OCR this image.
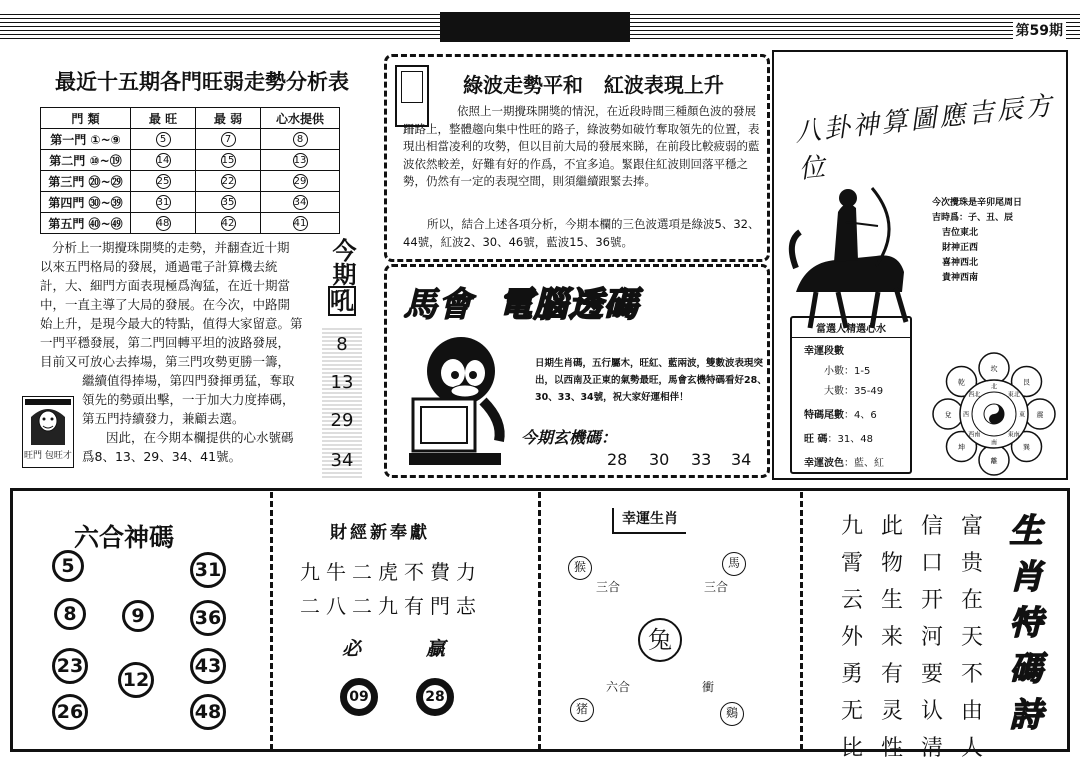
第59期
最近十五期各門旺弱走勢分析表
門 類	最 旺	最 弱	心水提供
第一門 ①~⑨	5	7	8
第二門 ⑩~⑲	14	15	13
第三門 ⑳~㉙	25	22	29
第四門 ㉚~㊴	31	35	34
第五門 ㊵~㊾	48	42	41
分析上一期攪珠開獎的走勢，并翻查近十期
以來五門格局的發展，通過電子計算機去統
計，大、細門方面表現極爲洶猛，在近十期當
中，一直主導了大局的發展。在今次，中路開
始上升，是現今最大的特點，值得大家留意。第
一門平穩發展，第二門回轉平坦的波路發展，
目前又可放心去捧場，第三門攻勢更勝一籌，
繼續值得捧場，第四門發揮勇猛，奪取
領先的勢頭出擊，一于加大力度捧碼，
第五門持續發力，兼顧去選。
因此，在今期本欄提供的心水號碼
爲8、13、29、34、41號。
旺門 包旺才
今期
吼
8
13
29
34
綠波走勢平和 紅波表現上升
依照上一期攪珠開獎的情況，在近段時間三種顏色波的發展跚路上，整體趨向集中性旺的路子，綠波勢如破竹奪取領先的位置，表現出相當凌利的攻勢，但以目前大局的發展來睇，在前段比較疲弱的藍波依然較差，好難有好的作爲，不宜多追。緊跟住紅波則回落平穩之勢，仍然有一定的表現空間，則須繼續跟緊去捧。
所以，結合上述各項分析，今期本欄的三色波選項是綠波5、32、44號，紅波2、30、46號，藍波15、36號。
馬會 電腦透碼
日期生肖碼，五行屬木，旺紅、藍兩波，雙數波表現突出，以西南及正東的氣勢最旺，馬會玄機特碼看好28、30、33、34號，祝大家好運相伴！
今期玄機碼：
28 30 33 34
八卦神算圖應吉辰方位
今次攪珠是辛卯尾周日
吉時爲：子、丑、辰
吉位東北
財神正西
喜神西北
貴神西南
當選人精選心水
幸運段數
小數：1-5
大數：35-49
特碼尾數：4、6
旺 碼：31、48
幸運波色：藍、紅
坎
艮
震
巽
離
坤
兌
乾
北
東北
東
東南
南
西南
西
西北
六合神碼
5	31
8	9	36
23
12
43
26	48
財經新奉獻
九牛二虎不費力
二八二九有門志
必	贏
09	28
幸運生肖
猴	馬
三合	三合
兔
六合	衝
猪	鷄
九
霄
云
外
勇
无
比
此
物
生
来
有
灵
性
信
口
开
河
要
认
清
富
贵
在
天
不
由
人
生
肖
特
碼
詩
